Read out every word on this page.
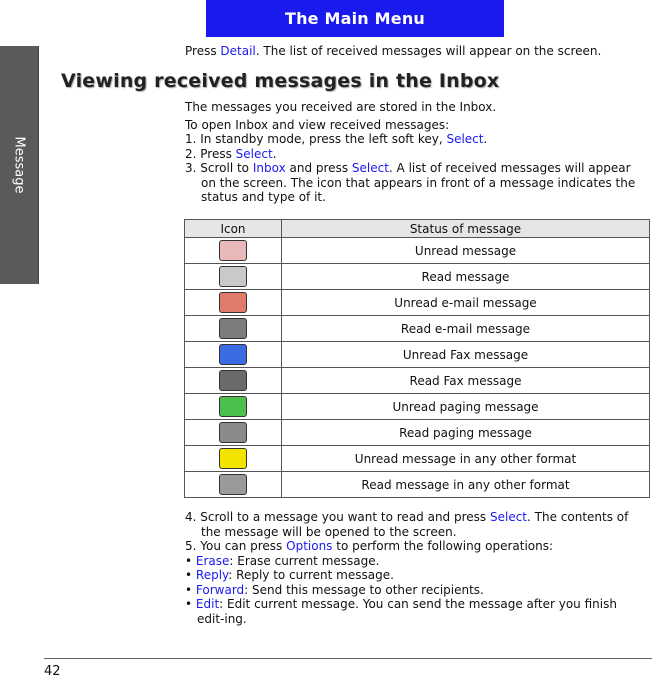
The Main Menu
Message
Press Detail. The list of received messages will appear on the screen.
Viewing received messages in the Inbox

The messages you received are stored in the Inbox.

To open Inbox and view received messages:

1. In standby mode, press the left soft key, Select.

2. Press Select.

3. Scroll to Inbox and press Select. A list of received messages will appear on the screen. The icon that appears in front of a message indicates the status and type of it.

Icon	Status of message
	Unread message
	Read message
	Unread e-mail message
	Read e-mail message
	Unread Fax message
	Read Fax message
	Unread paging message
	Read paging message
	Unread message in any other format
	Read message in any other format

4. Scroll to a message you want to read and press Select. The contents of the message will be opened to the screen.

5. You can press Options to perform the following operations:

• Erase: Erase current message.

• Reply: Reply to current message.

• Forward: Send this message to other recipients.

• Edit: Edit current message. You can send the message after you finish edit-ing.

42
